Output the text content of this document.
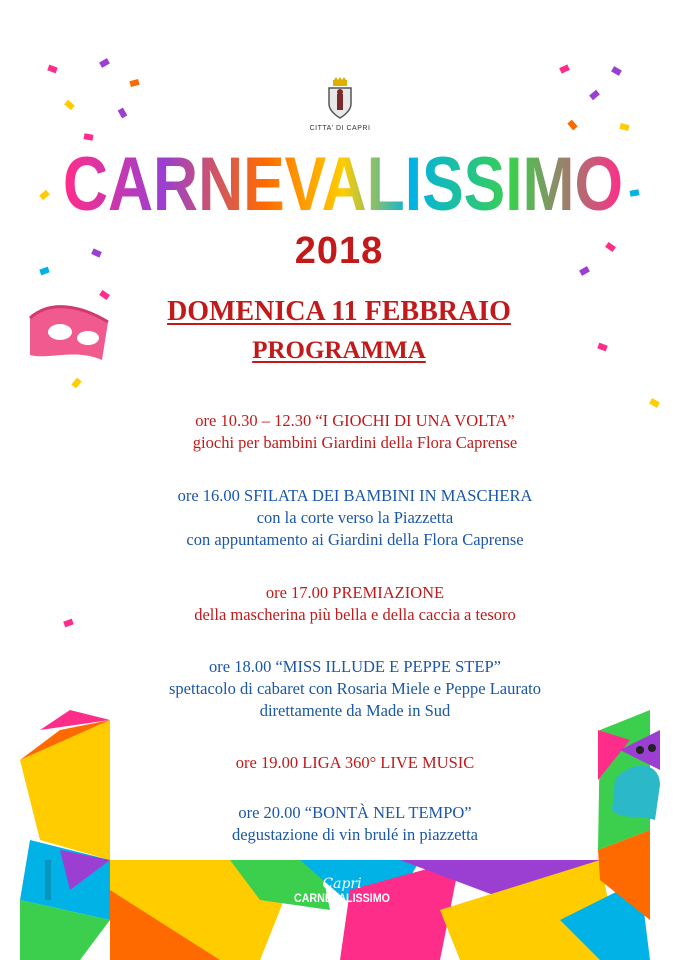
CITTA' DI CAPRI
CARNEVALISSIMO
2018
DOMENICA 11 FEBBRAIO
PROGRAMMA
ore 10.30 – 12.30 “I GIOCHI DI UNA VOLTA”
giochi per bambini Giardini della Flora Caprense
ore 16.00 SFILATA DEI BAMBINI IN MASCHERA
con la corte verso la Piazzetta
con appuntamento ai Giardini della Flora Caprense
ore 17.00 PREMIAZIONE
della mascherina più bella e della caccia a tesoro
ore 18.00 “MISS ILLUDE E PEPPE STEP”
spettacolo di cabaret con Rosaria Miele e Peppe Laurato
direttamente da Made in Sud
ore 19.00 LIGA 360° LIVE MUSIC
ore 20.00 “BONTÀ NEL TEMPO”
degustazione di vin brulé in piazzetta
Capri
CARNEVALISSIMO
